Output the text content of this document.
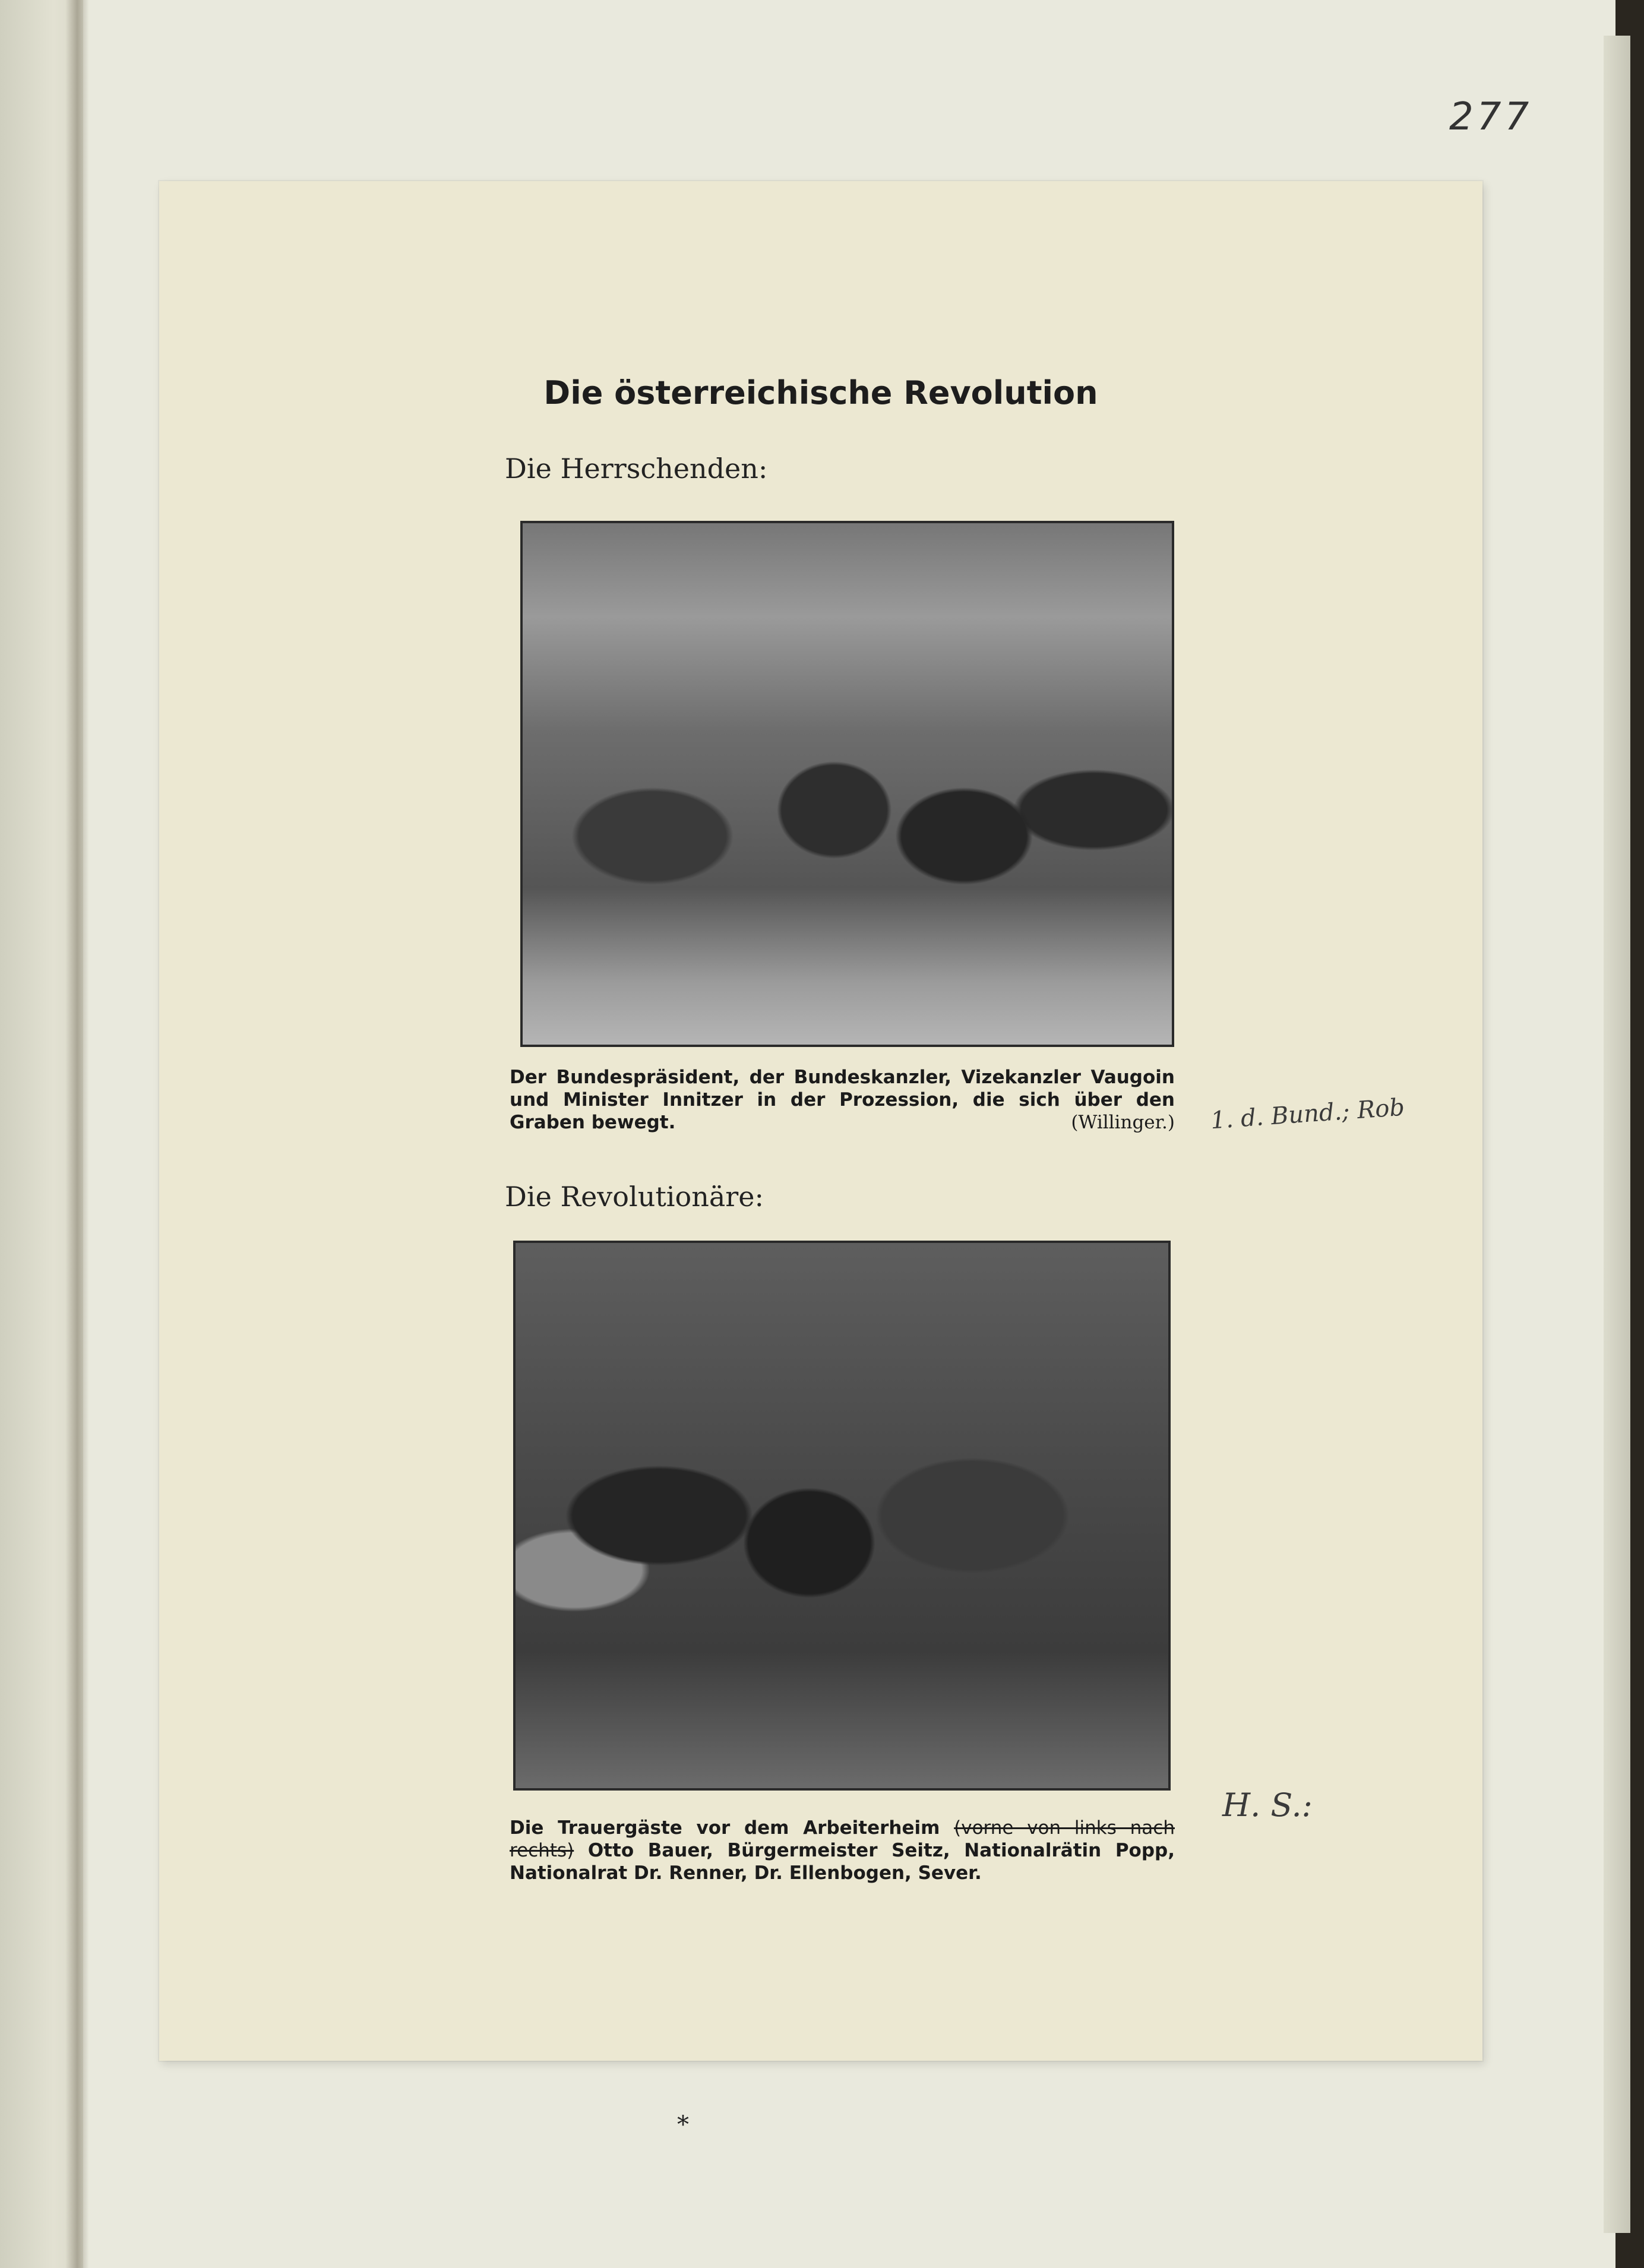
277
Die österreichische Revolution
Die Herrschenden:
Der Bundespräsident, der Bundeskanzler, Vizekanzler Vaugoin und Minister Innitzer in der Prozession, die sich über den Graben bewegt.	(Willinger.) 1. d. Bund.; Rob
Die Revolutionäre:
Die Trauergäste vor dem Arbeiterheim (vorne von links nach rechts) Otto Bauer, Bürgermeister Seitz, Nationalrätin Popp, Nationalrat Dr. Renner, Dr. Ellenbogen, Sever.
H. S.:
*
